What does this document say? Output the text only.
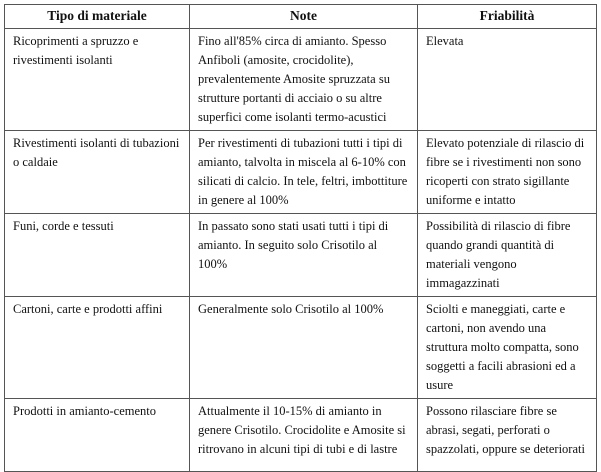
Tipo di materiale	Note	Friabilità
Ricoprimenti a spruzzo e rivestimenti isolanti	Fino all'85% circa di amianto. Spesso Anfiboli (amosite, crocidolite), prevalentemente Amosite spruzzata su strutture portanti di acciaio o su altre superfici come isolanti termo-acustici	Elevata
Rivestimenti isolanti di tubazioni o caldaie	Per rivestimenti di tubazioni tutti i tipi di amianto, talvolta in miscela al 6-10% con silicati di calcio. In tele, feltri, imbottiture in genere al 100%	Elevato potenziale di rilascio di fibre se i rivestimenti non sono ricoperti con strato sigillante uniforme e intatto
Funi, corde e tessuti	In passato sono stati usati tutti i tipi di amianto. In seguito solo Crisotilo al 100%	Possibilità di rilascio di fibre quando grandi quantità di materiali vengono immagazzinati
Cartoni, carte e prodotti affini	Generalmente solo Crisotilo al 100%	Sciolti e maneggiati, carte e cartoni, non avendo una struttura molto compatta, sono soggetti a facili abrasioni ed a usure
Prodotti in amianto-cemento	Attualmente il 10-15% di amianto in genere Crisotilo. Crocidolite e Amosite si ritrovano in alcuni tipi di tubi e di lastre	Possono rilasciare fibre se abrasi, segati, perforati o spazzolati, oppure se deteriorati
